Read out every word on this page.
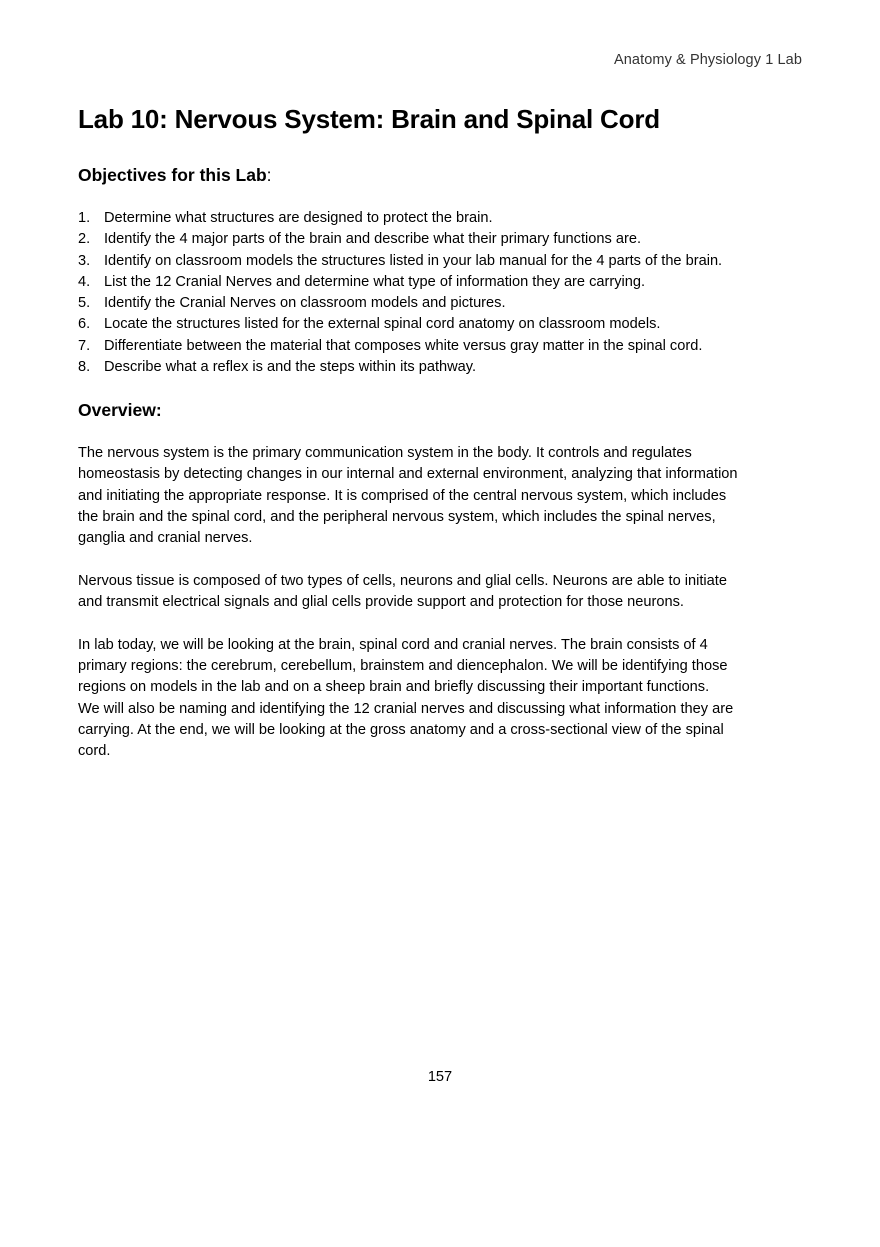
Anatomy & Physiology 1 Lab
Lab 10: Nervous System: Brain and Spinal Cord
Objectives for this Lab:
1. Determine what structures are designed to protect the brain.
2. Identify the 4 major parts of the brain and describe what their primary functions are.
3. Identify on classroom models the structures listed in your lab manual for the 4 parts of the brain.
4. List the 12 Cranial Nerves and determine what type of information they are carrying.
5. Identify the Cranial Nerves on classroom models and pictures.
6. Locate the structures listed for the external spinal cord anatomy on classroom models.
7. Differentiate between the material that composes white versus gray matter in the spinal cord.
8. Describe what a reflex is and the steps within its pathway.
Overview:

The nervous system is the primary communication system in the body. It controls and regulates
homeostasis by detecting changes in our internal and external environment, analyzing that information
and initiating the appropriate response. It is comprised of the central nervous system, which includes
the brain and the spinal cord, and the peripheral nervous system, which includes the spinal nerves,
ganglia and cranial nerves.

Nervous tissue is composed of two types of cells, neurons and glial cells. Neurons are able to initiate
and transmit electrical signals and glial cells provide support and protection for those neurons.

In lab today, we will be looking at the brain, spinal cord and cranial nerves. The brain consists of 4
primary regions: the cerebrum, cerebellum, brainstem and diencephalon. We will be identifying those
regions on models in the lab and on a sheep brain and briefly discussing their important functions.
We will also be naming and identifying the 12 cranial nerves and discussing what information they are
carrying. At the end, we will be looking at the gross anatomy and a cross-sectional view of the spinal
cord.

157
